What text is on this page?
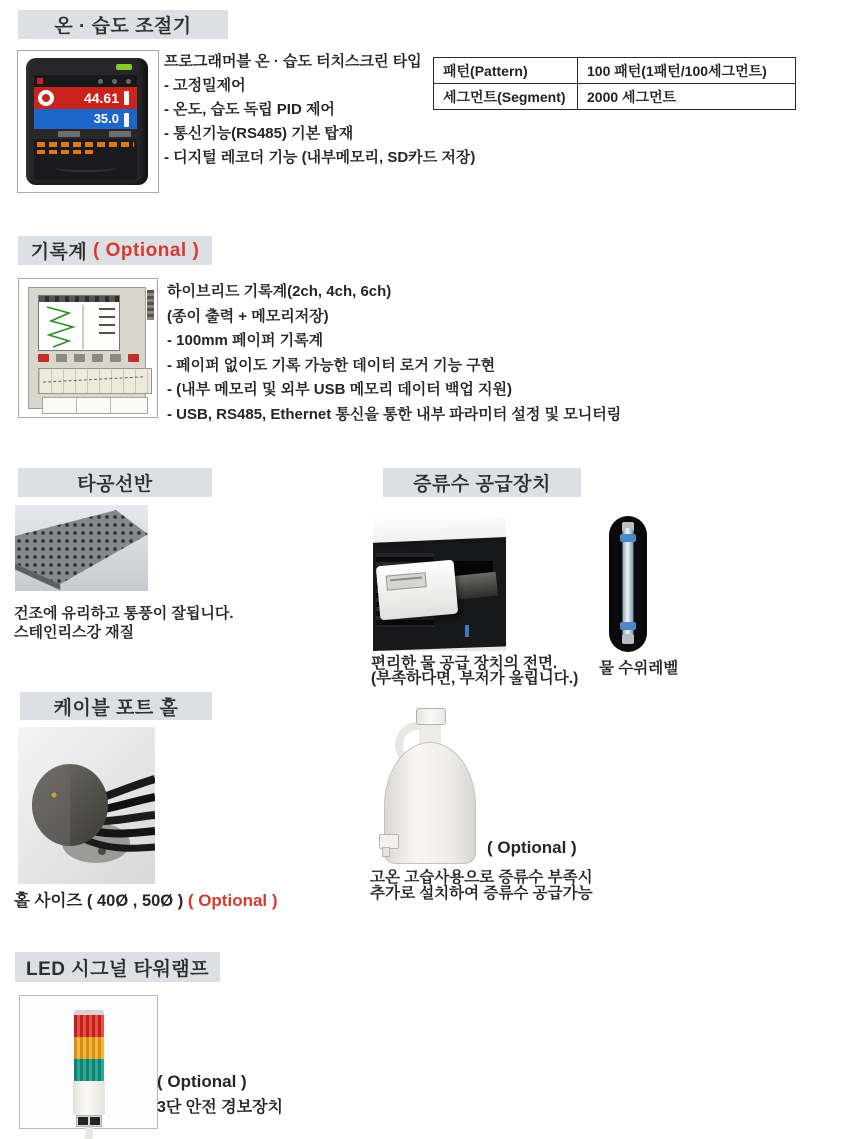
온 · 습도 조절기
44.61
35.0
프로그래머블 온 · 습도 터치스크린 타입
- 고정밀제어
- 온도, 습도 독립 PID 제어
- 통신기능(RS485) 기본 탑재
- 디지털 레코더 기능 (내부메모리, SD카드 저장)
패턴(Pattern)	100 패턴(1패턴/100세그먼트)
세그먼트(Segment)	2000 세그먼트
기록계
( Optional )
하이브리드 기록계(2ch, 4ch, 6ch)
(종이 출력 + 메모리저장)
- 100mm 페이퍼 기록계
- 페이퍼 없이도 기록 가능한 데이터 로거 기능 구현
- (내부 메모리 및 외부 USB 메모리 데이터 백업 지원)
- USB, RS485, Ethernet 통신을 통한 내부 파라미터 설정 및 모니터링
타공선반
건조에 유리하고 통풍이 잘됩니다.
스테인리스강 재질
증류수 공급장치
편리한 물 공급 장치의 전면.
(부족하다면, 부저가 울립니다.)
물 수위레벨
( Optional )
고온 고습사용으로 증류수 부족시
추가로 설치하여 증류수 공급가능
케이블 포트 홀
홀 사이즈 ( 40Ø , 50Ø ) ( Optional )
LED 시그널 타워램프
( Optional )
3단 안전 경보장치
